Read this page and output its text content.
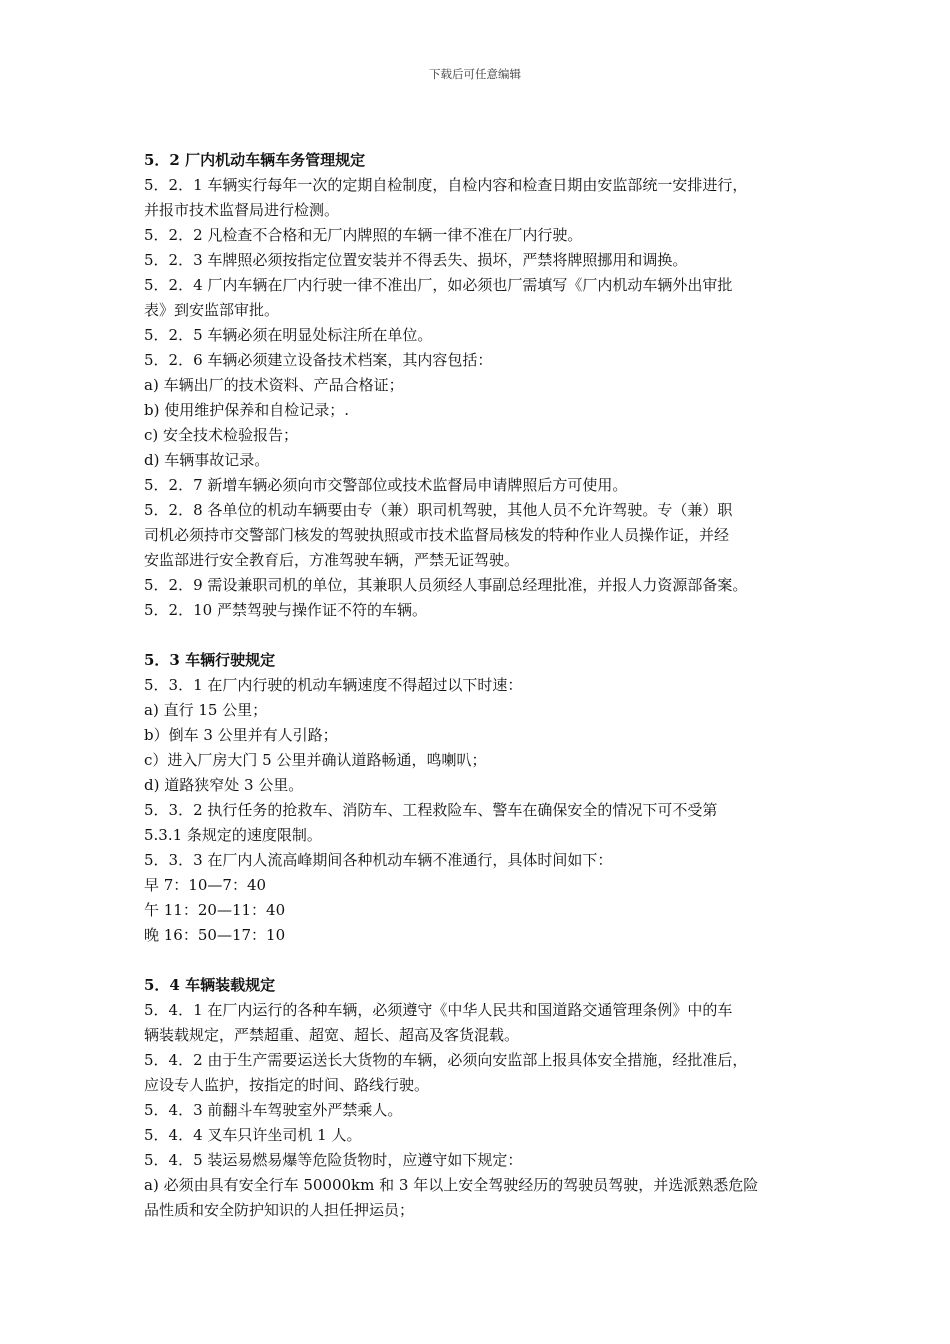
下载后可任意编辑
5．2 厂内机动车辆车务管理规定
5．2．1 车辆实行每年一次的定期自检制度，自检内容和检查日期由安监部统一安排进行，
并报市技术监督局进行检测。
5．2．2 凡检查不合格和无厂内牌照的车辆一律不准在厂内行驶。
5．2．3 车牌照必须按指定位置安装并不得丢失、损坏，严禁将牌照挪用和调换。
5．2．4 厂内车辆在厂内行驶一律不准出厂，如必须也厂需填写《厂内机动车辆外出审批
表》到安监部审批。
5．2．5 车辆必须在明显处标注所在单位。
5．2．6 车辆必须建立设备技术档案，其内容包括：
a) 车辆出厂的技术资料、产品合格证；
b) 使用维护保养和自检记录；.
c) 安全技术检验报告；
d) 车辆事故记录。
5．2．7 新增车辆必须向市交警部位或技术监督局申请牌照后方可使用。
5．2．8 各单位的机动车辆要由专（兼）职司机驾驶，其他人员不允许驾驶。专（兼）职
司机必须持市交警部门核发的驾驶执照或市技术监督局核发的特种作业人员操作证，并经
安监部进行安全教育后，方准驾驶车辆，严禁无证驾驶。
5．2．9 需设兼职司机的单位，其兼职人员须经人事副总经理批准，并报人力资源部备案。
5．2．10 严禁驾驶与操作证不符的车辆。
5．3 车辆行驶规定
5．3．1 在厂内行驶的机动车辆速度不得超过以下时速：
a) 直行 15 公里；
b）倒车 3 公里并有人引路；
c）进入厂房大门 5 公里并确认道路畅通，鸣喇叭；
d) 道路狭窄处 3 公里。
5．3．2 执行任务的抢救车、消防车、工程救险车、警车在确保安全的情况下可不受第
5.3.1 条规定的速度限制。
5．3．3 在厂内人流高峰期间各种机动车辆不准通行，具体时间如下：
早 7：10—7：40
午 11：20—11：40
晚 16：50—17：10
5．4 车辆装载规定
5．4．1 在厂内运行的各种车辆，必须遵守《中华人民共和国道路交通管理条例》中的车
辆装载规定，严禁超重、超宽、超长、超高及客货混载。
5．4．2 由于生产需要运送长大货物的车辆，必须向安监部上报具体安全措施，经批准后，
应设专人监护，按指定的时间、路线行驶。
5．4．3 前翻斗车驾驶室外严禁乘人。
5．4．4 叉车只许坐司机 1 人。
5．4．5 装运易燃易爆等危险货物时，应遵守如下规定：
a) 必须由具有安全行车 50000km 和 3 年以上安全驾驶经历的驾驶员驾驶，并选派熟悉危险
品性质和安全防护知识的人担任押运员；
